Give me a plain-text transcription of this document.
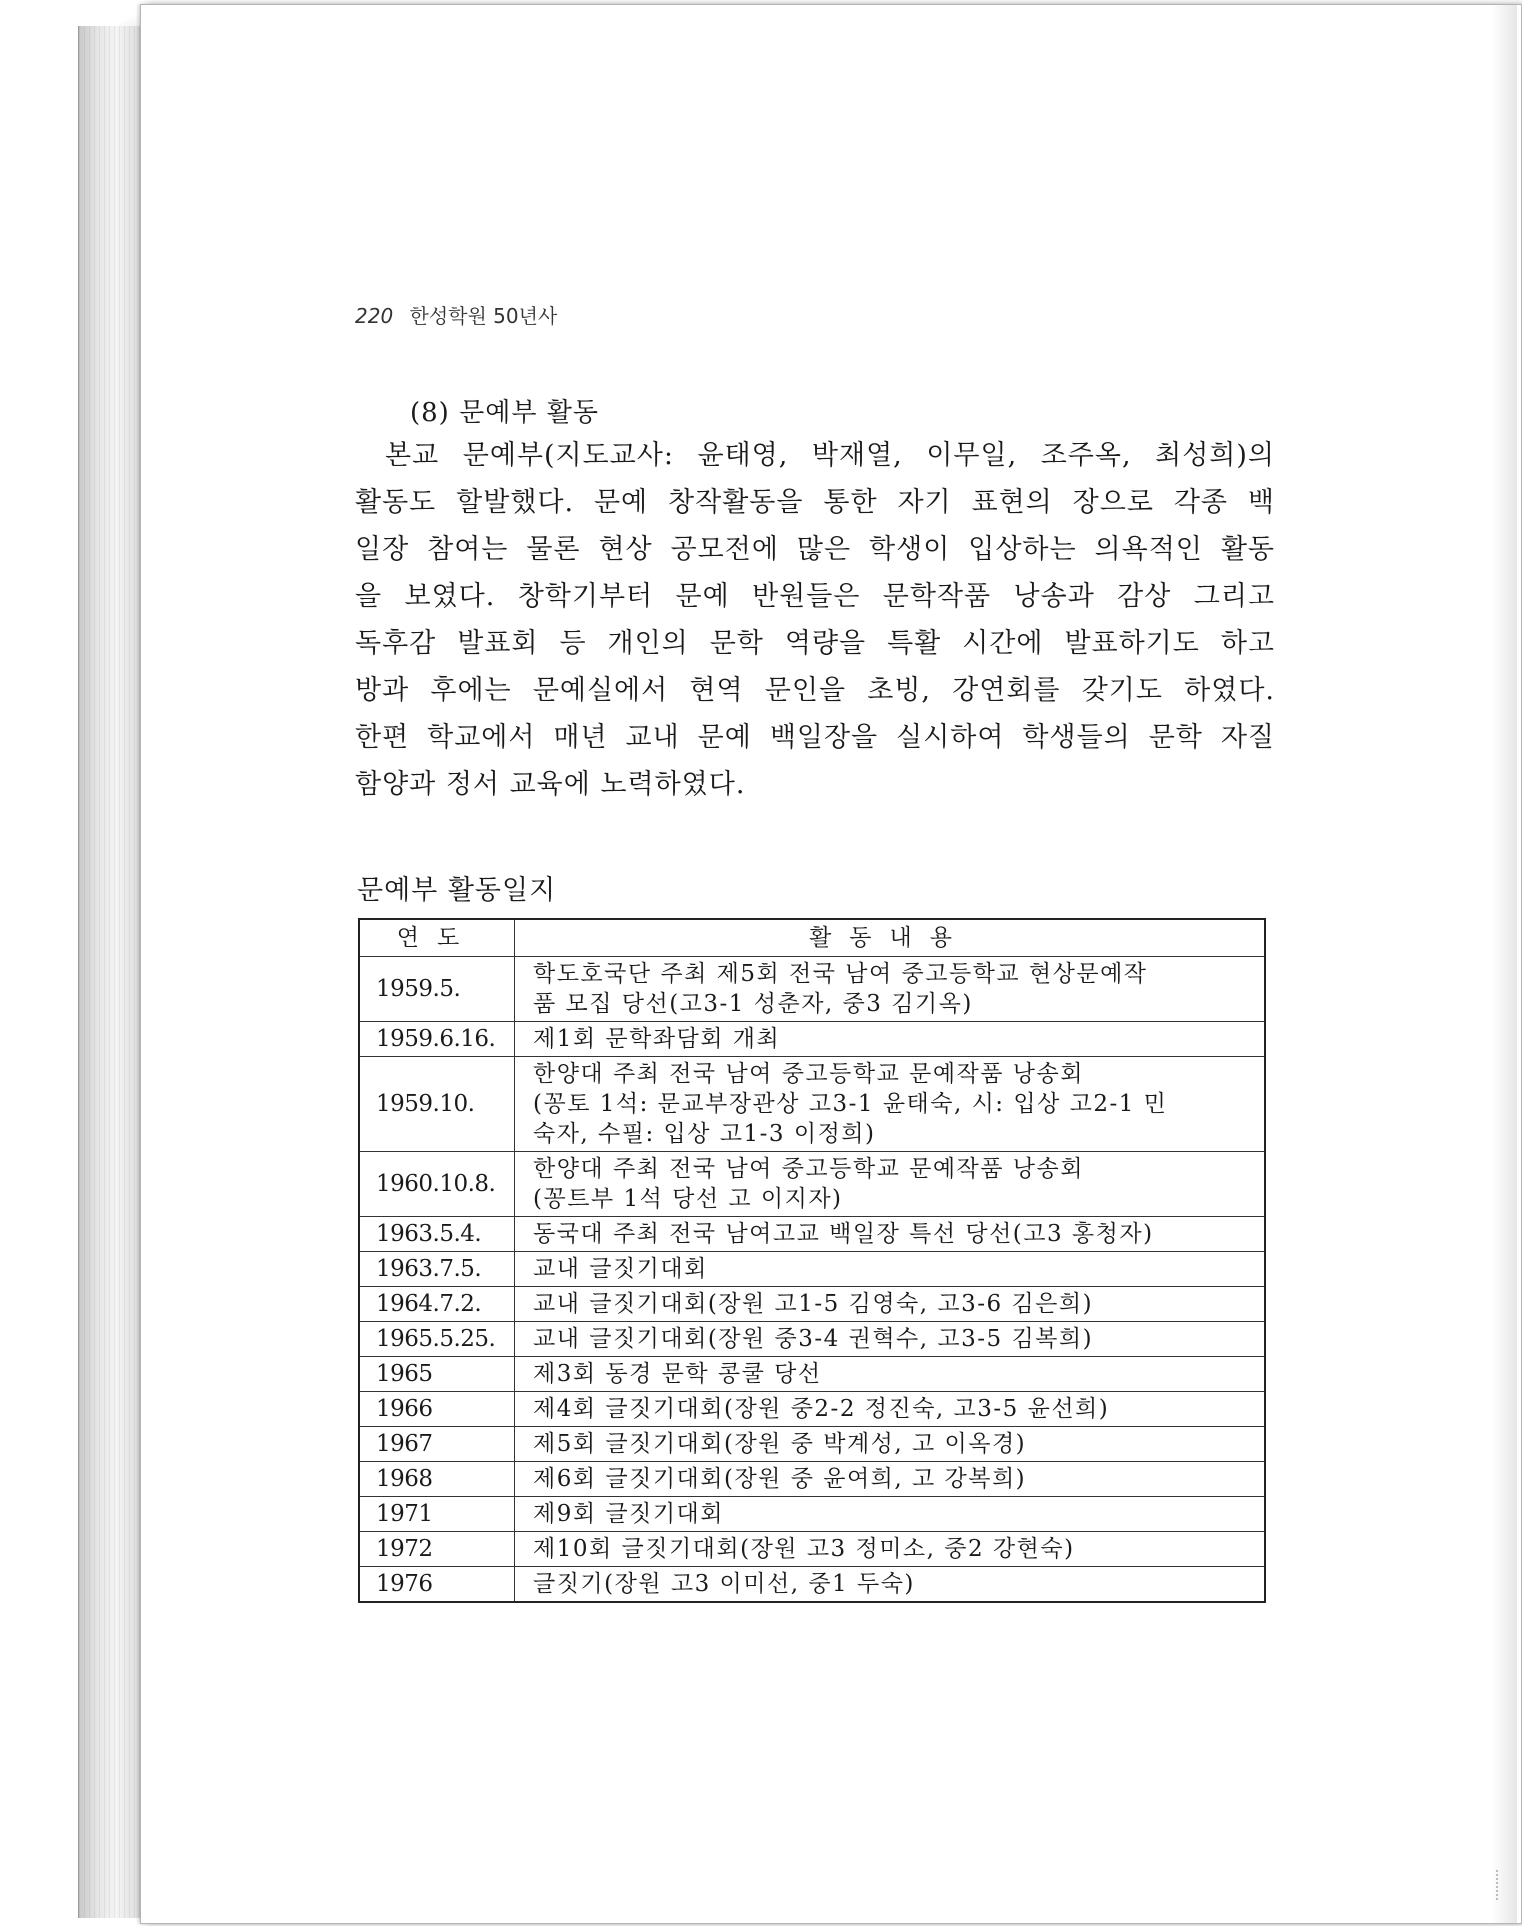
220 한성학원 50년사
(8) 문예부 활동
본교 문예부(지도교사: 윤태영, 박재열, 이무일, 조주옥, 최성희)의
활동도 할발했다. 문예 창작활동을 통한 자기 표현의 장으로 각종 백
일장 참여는 물론 현상 공모전에 많은 학생이 입상하는 의욕적인 활동
을 보였다. 창학기부터 문예 반원들은 문학작품 낭송과 감상 그리고
독후감 발표회 등 개인의 문학 역량을 특활 시간에 발표하기도 하고
방과 후에는 문예실에서 현역 문인을 초빙, 강연회를 갖기도 하였다.
한편 학교에서 매년 교내 문예 백일장을 실시하여 학생들의 문학 자질
함양과 정서 교육에 노력하였다.
문예부 활동일지
연도	활동내용
1959.5.	학도호국단 주최 제5회 전국 남여 중고등학교 현상문예작
품 모집 당선(고3-1 성춘자, 중3 김기옥)

1959.6.16.	제1회 문학좌담회 개최

1959.10.	한양대 주최 전국 남여 중고등학교 문예작품 낭송회
(꽁토 1석: 문교부장관상 고3-1 윤태숙, 시: 입상 고2-1 민
숙자, 수필: 입상 고1-3 이정희)

1960.10.8.	한양대 주최 전국 남여 중고등학교 문예작품 낭송회
(꽁트부 1석 당선 고 이지자)

1963.5.4.	동국대 주최 전국 남여고교 백일장 특선 당선(고3 홍청자)

1963.7.5.	교내 글짓기대회

1964.7.2.	교내 글짓기대회(장원 고1-5 김영숙, 고3-6 김은희)

1965.5.25.	교내 글짓기대회(장원 중3-4 권혁수, 고3-5 김복희)

1965	제3회 동경 문학 콩쿨 당선

1966	제4회 글짓기대회(장원 중2-2 정진숙, 고3-5 윤선희)

1967	제5회 글짓기대회(장원 중 박계성, 고 이옥경)

1968	제6회 글짓기대회(장원 중 윤여희, 고 강복희)

1971	제9회 글짓기대회

1972	제10회 글짓기대회(장원 고3 정미소, 중2 강현숙)

1976	글짓기(장원 고3 이미선, 중1 두숙)
